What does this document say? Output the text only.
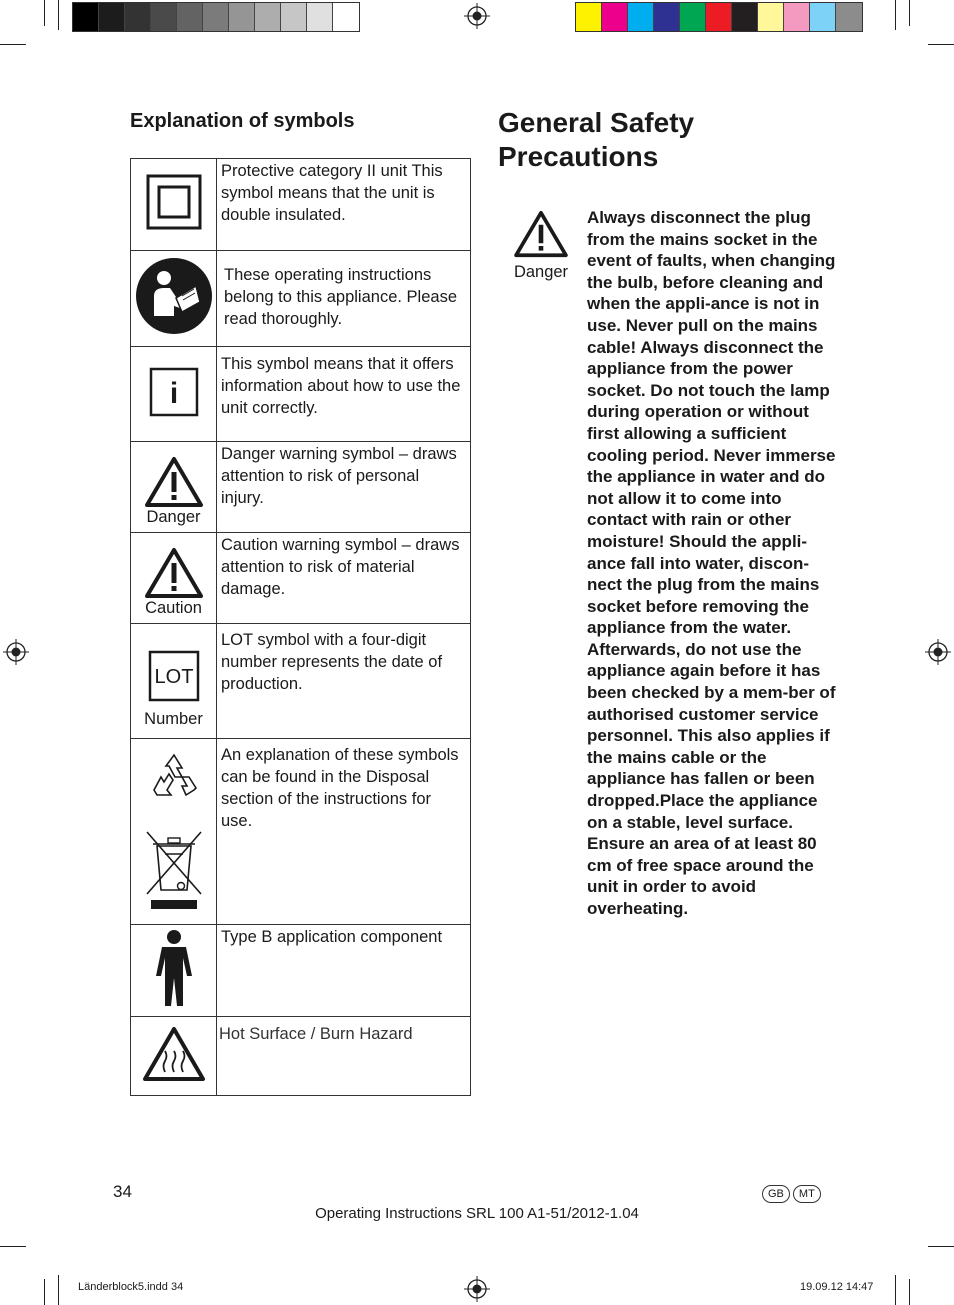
Explanation of symbols
	Protective category II unit This symbol means that the unit is double insulated.
	These operating instructions belong to this appliance. Please read thoroughly.

i	This symbol means that it offers information about how to use the unit correctly.

Danger	Danger warning symbol – draws attention to risk of personal injury.

Caution	Caution warning symbol – draws attention to risk of material damage.

LOT
Number	LOT symbol with a four-digit number represents the date of production.

	An explanation of these symbols can be found in the Disposal section of the instructions for use.
	Type B application component
	Hot Surface / Burn Hazard
General Safety Precautions
Danger
Always disconnect the plug from the mains socket in the event of faults, when changing the bulb, before cleaning and when the appli-ance is not in use. Never pull on the mains cable! Always disconnect the appliance from the power socket. Do not touch the lamp during operation or without first allowing a sufficient cooling period. Never immerse the appliance in water and do not allow it to come into contact with rain or other moisture! Should the appli-ance fall into water, discon-nect the plug from the mains socket before removing the appliance from the water. Afterwards, do not use the appliance again before it has been checked by a mem-ber of authorised customer service personnel. This also applies if the mains cable or the appliance has fallen or been dropped.Place the appliance on a stable, level surface. Ensure an area of at least 80 cm of free space around the unit in order to avoid overheating.
34	GB MT
Operating Instructions SRL 100 A1-51/2012-1.04
Länderblock5.indd 34	19.09.12 14:47
